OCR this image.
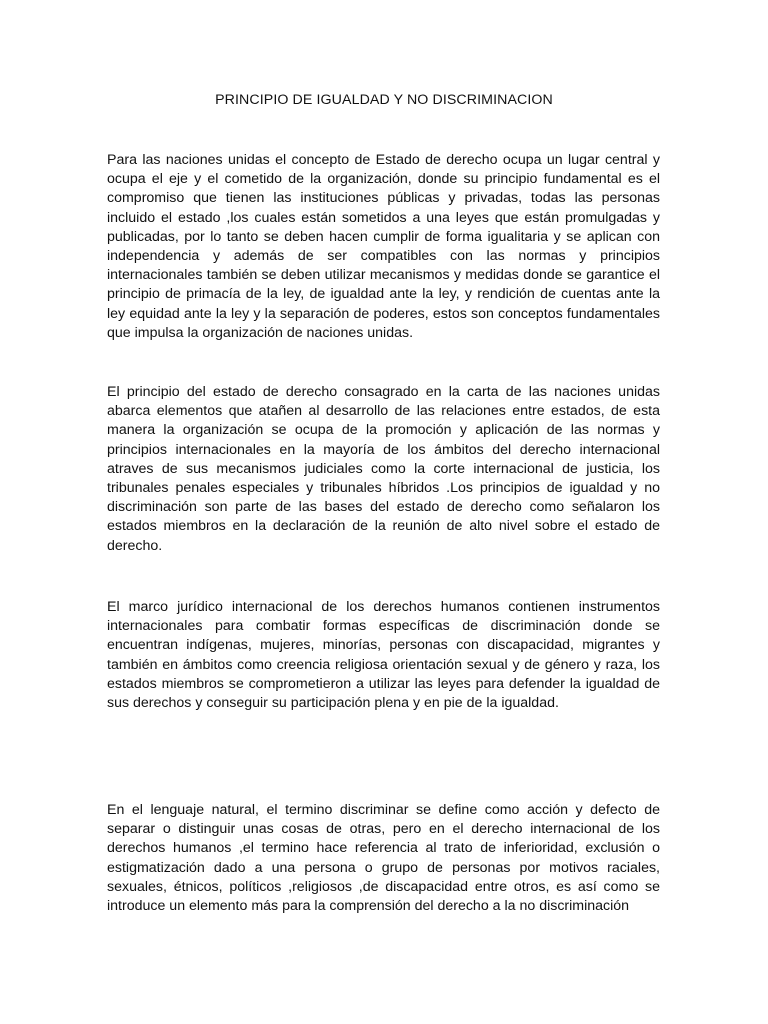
PRINCIPIO DE IGUALDAD Y NO DISCRIMINACION
Para las naciones unidas el concepto de Estado de derecho ocupa un lugar central y ocupa el eje y el cometido de la organización, donde su principio fundamental es el compromiso que tienen las instituciones públicas y privadas, todas las personas incluido el estado ,los cuales están sometidos a una leyes que están promulgadas y publicadas, por lo tanto se deben hacen cumplir de forma igualitaria y se aplican con independencia y además de ser compatibles con las normas y principios internacionales también se deben utilizar mecanismos y medidas donde se garantice el principio de primacía de la ley, de igualdad ante la ley, y rendición de cuentas ante la ley equidad ante la ley y la separación de poderes, estos son conceptos fundamentales que impulsa la organización de naciones unidas.
El principio del estado de derecho consagrado en la carta de las naciones unidas abarca elementos que atañen al desarrollo de las relaciones entre estados, de esta manera la organización se ocupa de la promoción y aplicación de las normas y principios internacionales en la mayoría de los ámbitos del derecho internacional atraves de sus mecanismos judiciales como la corte internacional de justicia, los tribunales penales especiales y tribunales híbridos .Los principios de igualdad y no discriminación son parte de las bases del estado de derecho como señalaron los estados miembros en la declaración de la reunión de alto nivel sobre el estado de derecho.
El marco jurídico internacional de los derechos humanos contienen instrumentos internacionales para combatir formas específicas de discriminación donde se encuentran indígenas, mujeres, minorías, personas con discapacidad, migrantes y también en ámbitos como creencia religiosa orientación sexual y de género y raza, los estados miembros se comprometieron a utilizar las leyes para defender la igualdad de sus derechos y conseguir su participación plena y en pie de la igualdad.
En el lenguaje natural, el termino discriminar se define como acción y defecto de separar o distinguir unas cosas de otras, pero en el derecho internacional de los derechos humanos ,el termino hace referencia al trato de inferioridad, exclusión o estigmatización dado a una persona o grupo de personas por motivos raciales, sexuales, étnicos, políticos ,religiosos ,de discapacidad entre otros, es así como se introduce un elemento más para la comprensión del derecho a la no discriminación
